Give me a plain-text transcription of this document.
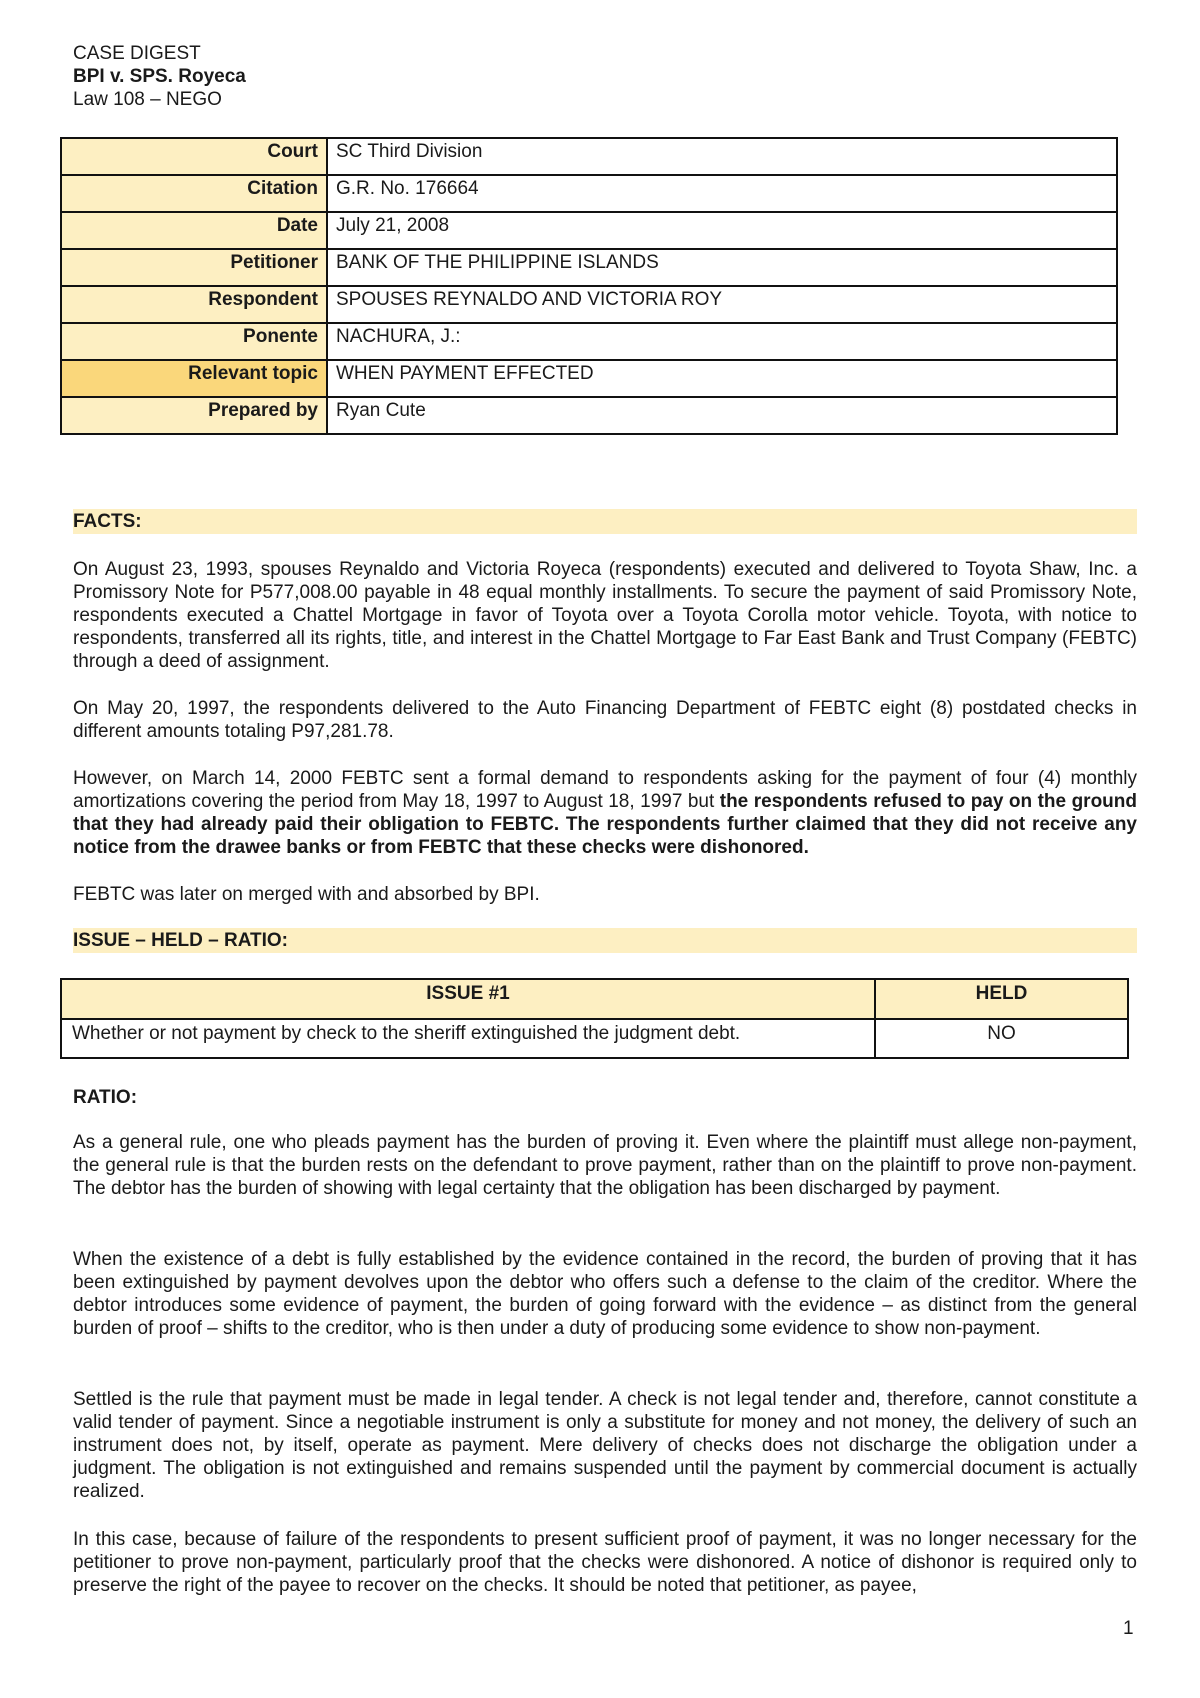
CASE DIGEST
BPI v. SPS. Royeca
Law 108 – NEGO
Court	SC Third Division
Citation	G.R. No. 176664
Date	July 21, 2008
Petitioner	BANK OF THE PHILIPPINE ISLANDS
Respondent	SPOUSES REYNALDO AND VICTORIA ROY
Ponente	NACHURA, J.:
Relevant topic	WHEN PAYMENT EFFECTED
Prepared by	Ryan Cute
FACTS:
On August 23, 1993, spouses Reynaldo and Victoria Royeca (respondents) executed and delivered to Toyota Shaw, Inc. a Promissory Note for P577,008.00 payable in 48 equal monthly installments. To secure the payment of said Promissory Note, respondents executed a Chattel Mortgage in favor of Toyota over a Toyota Corolla motor vehicle. Toyota, with notice to respondents, transferred all its rights, title, and interest in the Chattel Mortgage to Far East Bank and Trust Company (FEBTC) through a deed of assignment.
On May 20, 1997, the respondents delivered to the Auto Financing Department of FEBTC eight (8) postdated checks in different amounts totaling P97,281.78.
However, on March 14, 2000 FEBTC sent a formal demand to respondents asking for the payment of four (4) monthly amortizations covering the period from May 18, 1997 to August 18, 1997 but the respondents refused to pay on the ground that they had already paid their obligation to FEBTC. The respondents further claimed that they did not receive any notice from the drawee banks or from FEBTC that these checks were dishonored.
FEBTC was later on merged with and absorbed by BPI.
ISSUE – HELD – RATIO:
ISSUE #1	HELD
Whether or not payment by check to the sheriff extinguished the judgment debt.	NO
RATIO:
As a general rule, one who pleads payment has the burden of proving it. Even where the plaintiff must allege non-payment, the general rule is that the burden rests on the defendant to prove payment, rather than on the plaintiff to prove non-payment. The debtor has the burden of showing with legal certainty that the obligation has been discharged by payment.
When the existence of a debt is fully established by the evidence contained in the record, the burden of proving that it has been extinguished by payment devolves upon the debtor who offers such a defense to the claim of the creditor. Where the debtor introduces some evidence of payment, the burden of going forward with the evidence – as distinct from the general burden of proof – shifts to the creditor, who is then under a duty of producing some evidence to show non-payment.
Settled is the rule that payment must be made in legal tender. A check is not legal tender and, therefore, cannot constitute a valid tender of payment. Since a negotiable instrument is only a substitute for money and not money, the delivery of such an instrument does not, by itself, operate as payment. Mere delivery of checks does not discharge the obligation under a judgment. The obligation is not extinguished and remains suspended until the payment by commercial document is actually realized.
In this case, because of failure of the respondents to present sufficient proof of payment, it was no longer necessary for the petitioner to prove non-payment, particularly proof that the checks were dishonored. A notice of dishonor is required only to preserve the right of the payee to recover on the checks. It should be noted that petitioner, as payee,
1
